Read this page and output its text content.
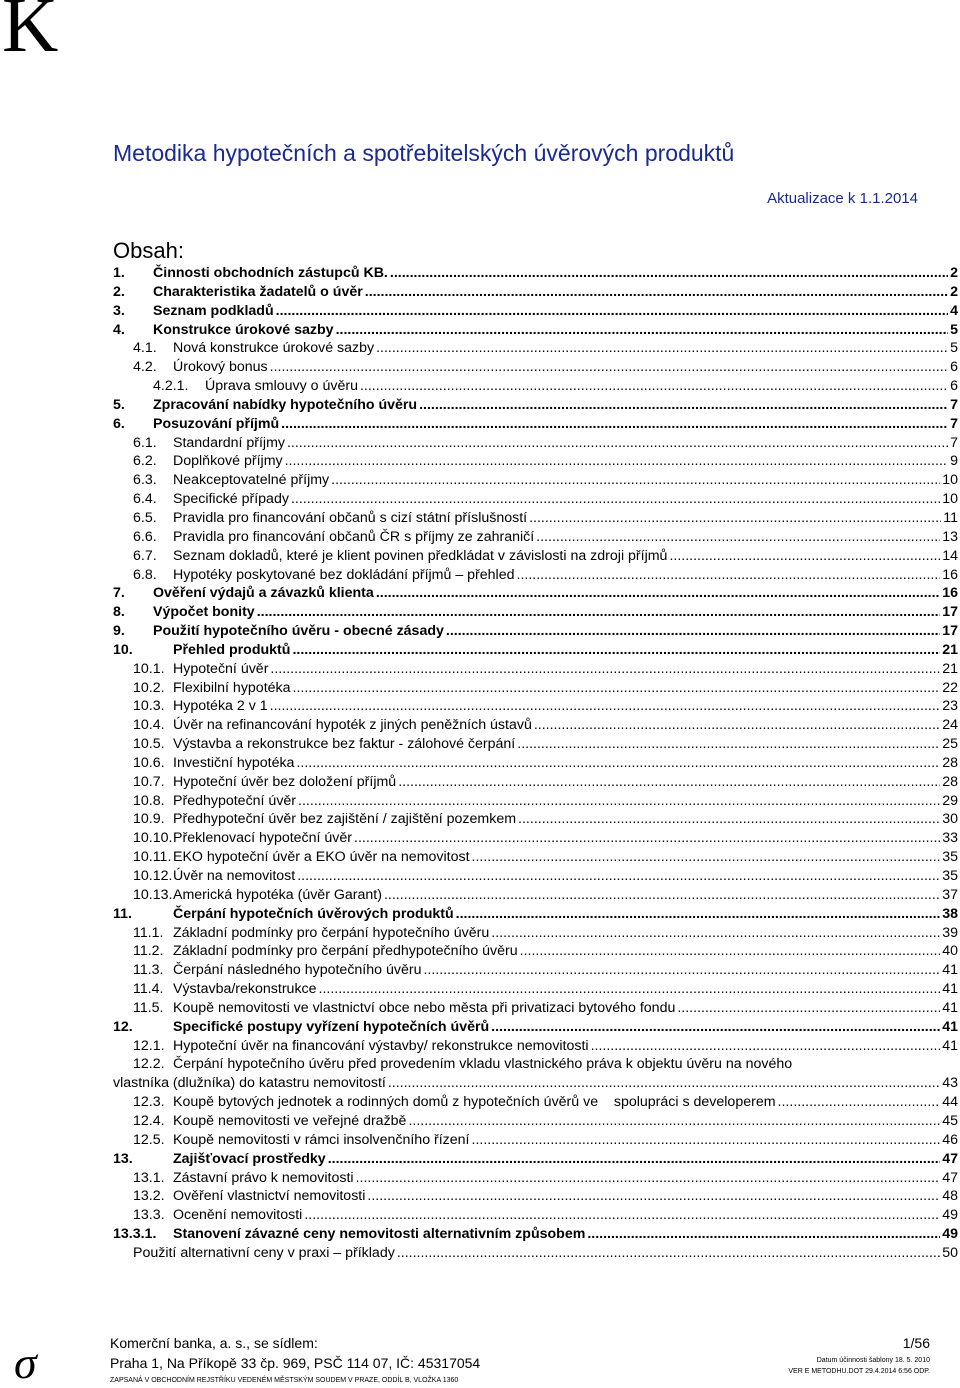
K
Metodika hypotečních a spotřebitelských úvěrových produktů
Aktualizace k 1.1.2014
Obsah:
1.	Činnosti obchodních zástupců KB. .....	2
2.	Charakteristika žadatelů o úvěr .....	2
3.	Seznam podkladů .....	4
4.	Konstrukce úrokové sazby .....	5
4.1.	Nová konstrukce úrokové sazby .....	5
4.2.	Úrokový bonus .....	6
4.2.1.	Úprava smlouvy o úvěru .....	6
5.	Zpracování nabídky hypotečního úvěru .....	7
6.	Posuzování příjmů .....	7
6.1.	Standardní příjmy .....	7
6.2.	Doplňkové příjmy .....	9
6.3.	Neakceptovatelné příjmy .....	10
6.4.	Specifické případy .....	10
6.5.	Pravidla pro financování občanů s cizí státní příslušností .....	11
6.6.	Pravidla pro financování občanů ČR s příjmy ze zahraničí .....	13
6.7.	Seznam dokladů, které je klient povinen předkládat v závislosti na zdroji příjmů .....	14
6.8.	Hypotéky poskytované bez dokládání příjmů – přehled .....	16
7.	Ověření výdajů a závazků klienta .....	16
8.	Výpočet bonity .....	17
9.	Použití hypotečního úvěru - obecné zásady .....	17
10.	Přehled produktů .....	21
10.1. Hypoteční úvěr .....	21
10.2. Flexibilní hypotéka .....	22
10.3. Hypotéka 2 v 1 .....	23
10.4. Úvěr na refinancování hypoték z jiných peněžních ústavů .....	24
10.5. Výstavba a rekonstrukce bez faktur - zálohové čerpání .....	25
10.6. Investiční hypotéka .....	28
10.7. Hypoteční úvěr bez doložení příjmů .....	28
10.8. Předhypoteční úvěr .....	29
10.9. Předhypoteční úvěr bez zajištění / zajištění pozemkem .....	30
10.10. Překlenovací hypoteční úvěr .....	33
10.11. EKO hypoteční úvěr a EKO úvěr na nemovitost .....	35
10.12. Úvěr na nemovitost .....	35
10.13. Americká hypotéka (úvěr Garant) .....	37
11.	Čerpání hypotečních úvěrových produktů .....	38
11.1. Základní podmínky pro čerpání hypotečního úvěru .....	39
11.2. Základní podmínky pro čerpání předhypotečního úvěru .....	40
11.3. Čerpání následného hypotečního úvěru .....	41
11.4. Výstavba/rekonstrukce .....	41
11.5. Koupě nemovitosti ve vlastnictví obce nebo města při privatizaci bytového fondu .....	41
12.	Specifické postupy vyřízení hypotečních úvěrů .....	41
12.1. Hypoteční úvěr na financování výstavby/ rekonstrukce nemovitosti .....	41
12.2. Čerpání hypotečního úvěru před provedením vkladu vlastnického práva k objektu úvěru na nového
vlastníka (dlužníka) do katastru nemovitostí .....	43
12.3. Koupě bytových jednotek a rodinných domů z hypotečních úvěrů ve    spolupráci s developerem .....	44
12.4. Koupě nemovitosti ve veřejné dražbě .....	45
12.5. Koupě nemovitosti v rámci insolvenčního řízení .....	46
13.	Zajišťovací prostředky .....	47
13.1. Zástavní právo k nemovitosti .....	47
13.2. Ověření vlastnictví nemovitosti .....	48
13.3. Ocenění nemovitosti .....	49
13.3.1.	Stanovení závazné ceny nemovitosti alternativním způsobem .....	49
Použití alternativní ceny v praxi – příklady .....	50
σ	Komerční banka, a. s., se sídlem:
Praha 1, Na Příkopě 33 čp. 969, PSČ 114 07, IČ: 45317054
ZAPSANÁ V OBCHODNÍM REJSTŘÍKU VEDENÉM MĚSTSKÝM SOUDEM V PRAZE, ODDÍL B, VLOŽKA 1360
1/56
Datum účinnosti šablony 18. 5. 2010
VER E METODHU.DOT 29.4.2014 6:56 ODP.
